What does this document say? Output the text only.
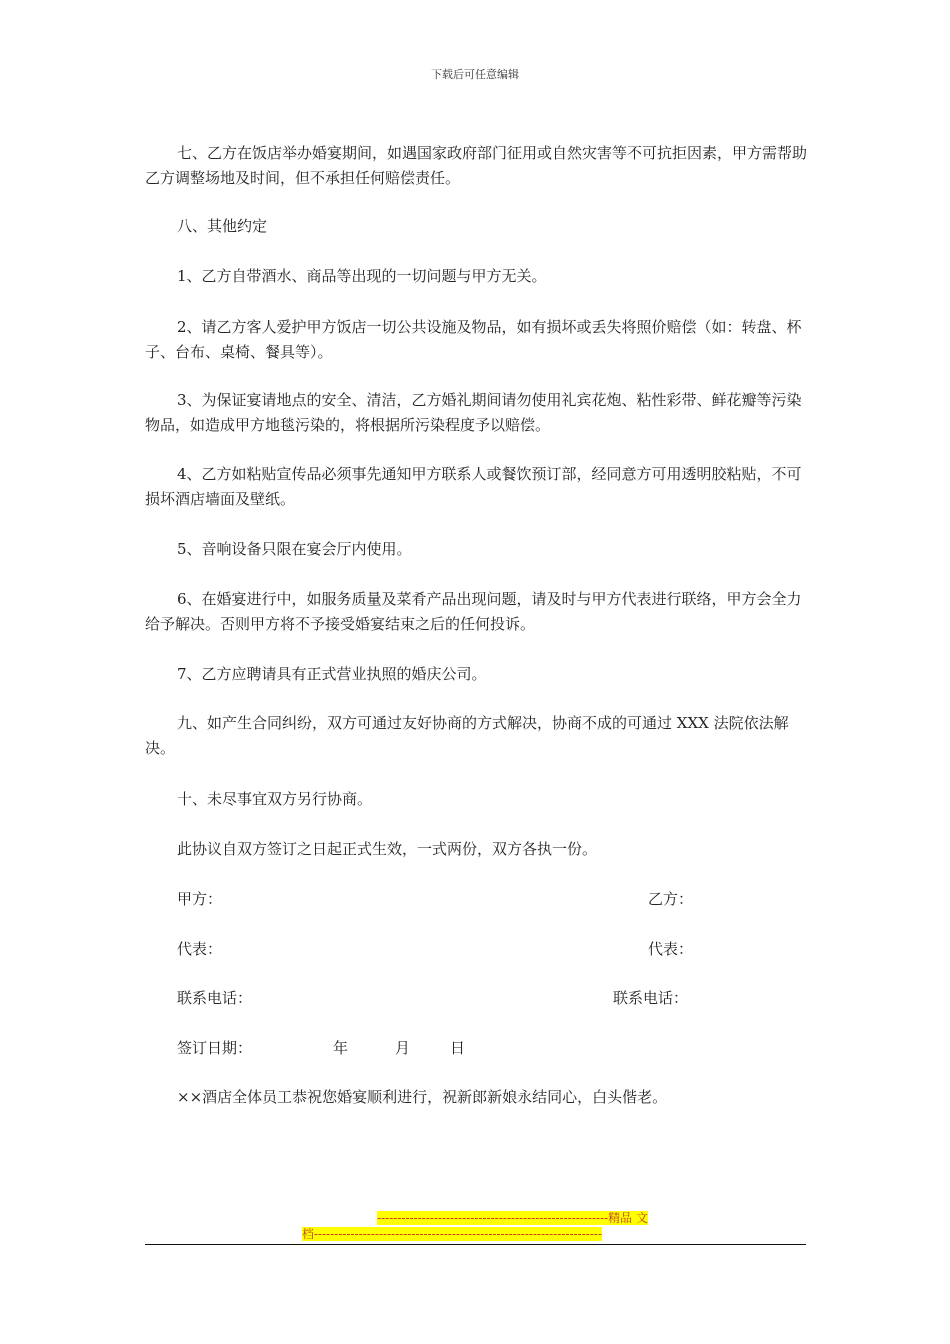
下载后可任意编辑

七、乙方在饭店举办婚宴期间，如遇国家政府部门征用或自然灾害等不可抗拒因素，甲方需帮助乙方调整场地及时间，但不承担任何赔偿责任。

八、其他约定

1、乙方自带酒水、商品等出现的一切问题与甲方无关。

2、请乙方客人爱护甲方饭店一切公共设施及物品，如有损坏或丢失将照价赔偿（如：转盘、杯子、台布、桌椅、餐具等）。

3、为保证宴请地点的安全、清洁，乙方婚礼期间请勿使用礼宾花炮、粘性彩带、鲜花瓣等污染物品，如造成甲方地毯污染的，将根据所污染程度予以赔偿。

4、乙方如粘贴宣传品必须事先通知甲方联系人或餐饮预订部，经同意方可用透明胶粘贴，不可损坏酒店墙面及壁纸。

5、音响设备只限在宴会厅内使用。

6、在婚宴进行中，如服务质量及菜肴产品出现问题，请及时与甲方代表进行联络，甲方会全力给予解决。否则甲方将不予接受婚宴结束之后的任何投诉。

7、乙方应聘请具有正式营业执照的婚庆公司。

九、如产生合同纠纷，双方可通过友好协商的方式解决，协商不成的可通过 XXX 法院依法解决。

十、未尽事宜双方另行协商。

此协议自双方签订之日起正式生效，一式两份，双方各执一份。

甲方：	乙方：
代表：	代表：
联系电话：	联系电话：
签订日期：	年	月	日

××酒店全体员工恭祝您婚宴顺利进行，祝新郎新娘永结同心，白头偕老。

---------------------------------------------------------精品 文
档-----------------------------------------------------------------------
